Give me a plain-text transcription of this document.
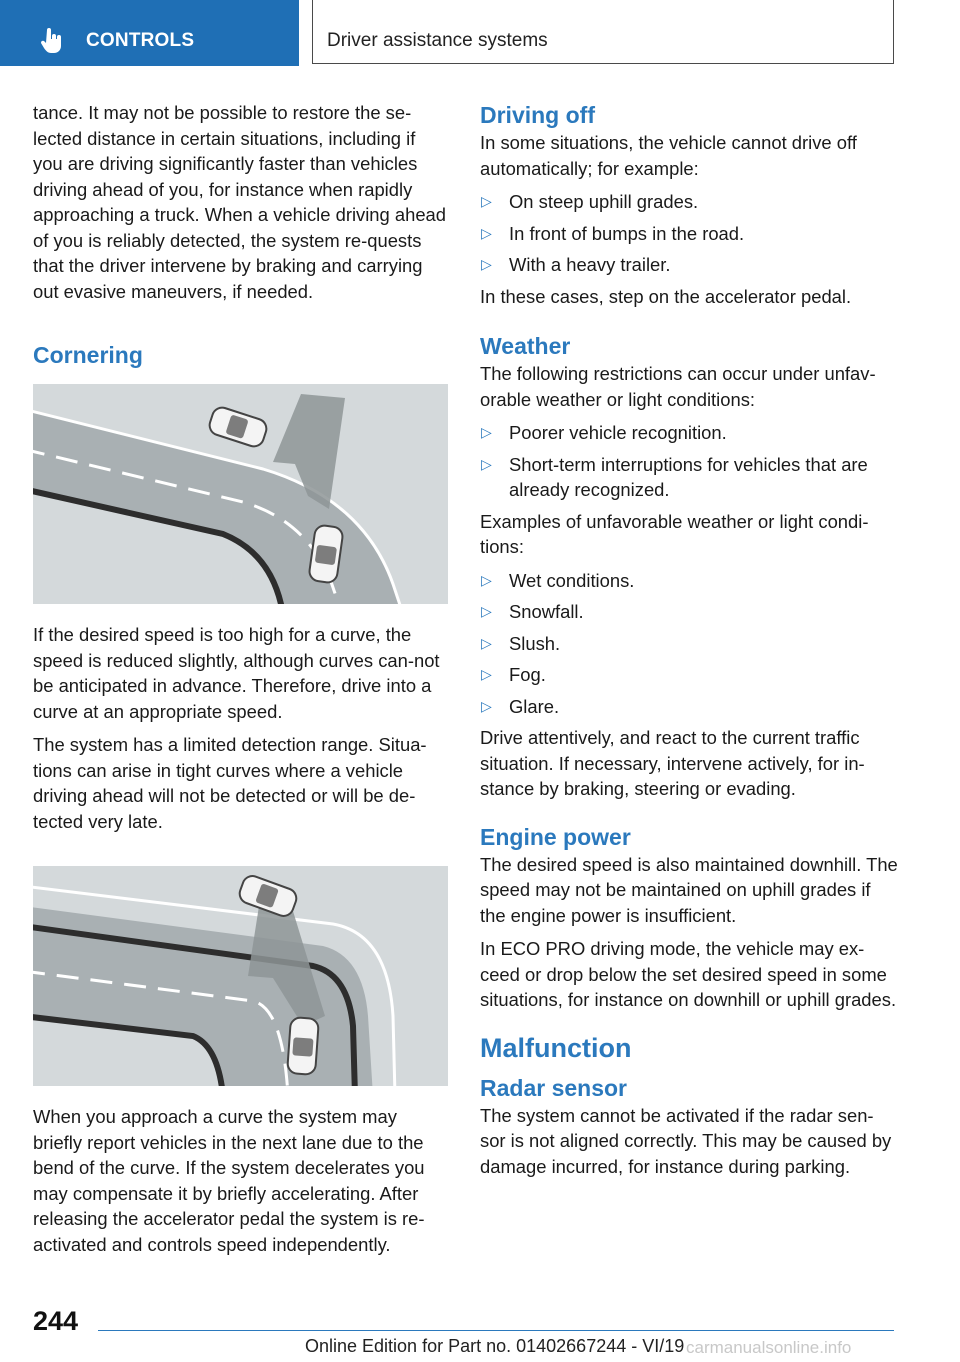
CONTROLS	Driver assistance systems

tance. It may not be possible to restore the se-lected distance in certain situations, including if you are driving significantly faster than vehicles driving ahead of you, for instance when rapidly approaching a truck. When a vehicle driving ahead of you is reliably detected, the system re-quests that the driver intervene by braking and carrying out evasive maneuvers, if needed.

Cornering

If the desired speed is too high for a curve, the speed is reduced slightly, although curves can-not be anticipated in advance. Therefore, drive into a curve at an appropriate speed.

The system has a limited detection range. Situa-tions can arise in tight curves where a vehicle driving ahead will not be detected or will be de-tected very late.

When you approach a curve the system may briefly report vehicles in the next lane due to the bend of the curve. If the system decelerates you may compensate it by briefly accelerating. After releasing the accelerator pedal the system is re-activated and controls speed independently.

Driving off

In some situations, the vehicle cannot drive off automatically; for example:

▷ On steep uphill grades.
▷ In front of bumps in the road.
▷ With a heavy trailer.

In these cases, step on the accelerator pedal.

Weather

The following restrictions can occur under unfav-orable weather or light conditions:

▷ Poorer vehicle recognition.
▷ Short-term interruptions for vehicles that are already recognized.

Examples of unfavorable weather or light condi-tions:

▷ Wet conditions.
▷ Snowfall.
▷ Slush.
▷ Fog.
▷ Glare.

Drive attentively, and react to the current traffic situation. If necessary, intervene actively, for in-stance by braking, steering or evading.

Engine power

The desired speed is also maintained downhill. The speed may not be maintained on uphill grades if the engine power is insufficient.

In ECO PRO driving mode, the vehicle may ex-ceed or drop below the set desired speed in some situations, for instance on downhill or uphill grades.

Malfunction
Radar sensor

The system cannot be activated if the radar sen-sor is not aligned correctly. This may be caused by damage incurred, for instance during parking.

244
Online Edition for Part no. 01402667244 - VI/19 carmanualsonline.info
